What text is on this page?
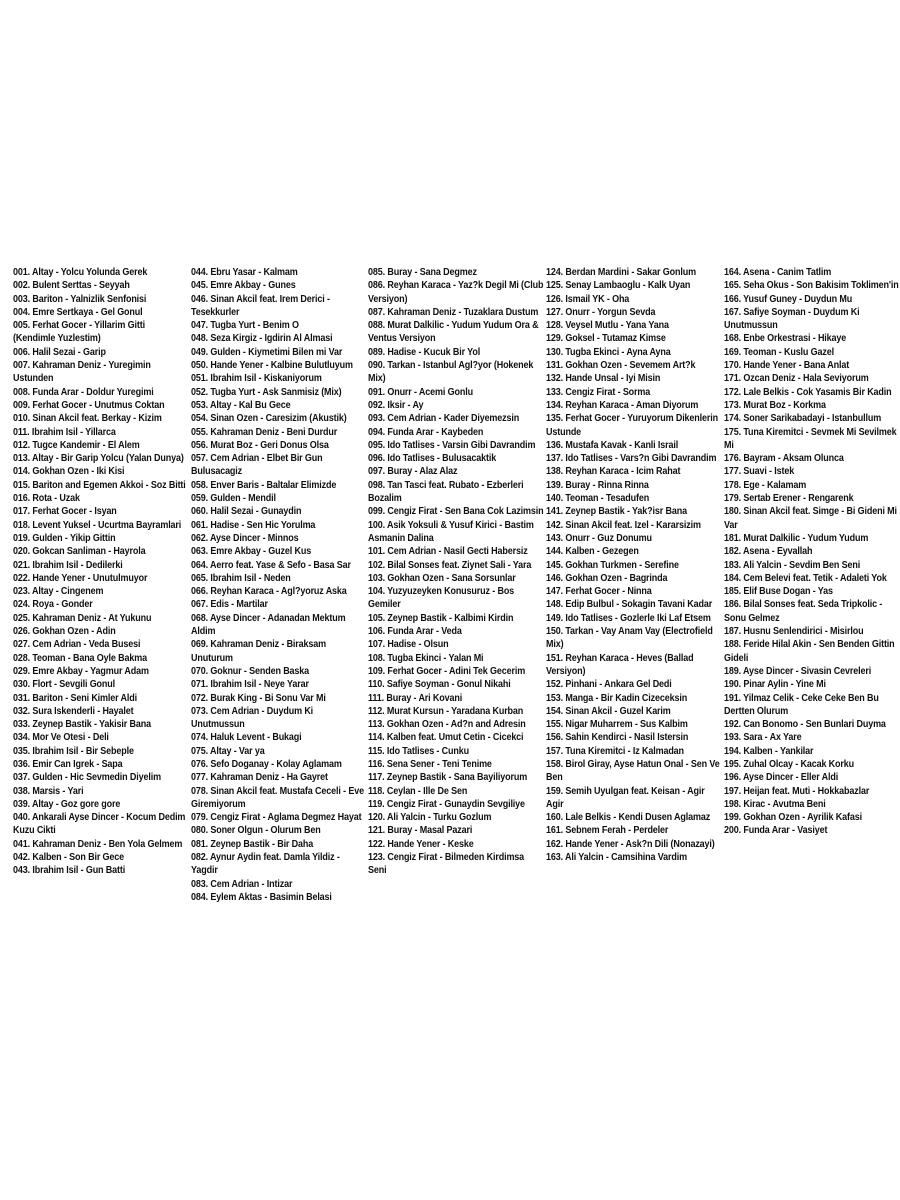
001. Altay - Yolcu Yolunda Gerek
002. Bulent Serttas - Seyyah
003. Bariton - Yalnizlik Senfonisi
004. Emre Sertkaya - Gel Gonul
005. Ferhat Gocer - Yillarim Gitti (Kendimle Yuzlestim)
006. Halil Sezai - Garip
007. Kahraman Deniz - Yuregimin Ustunden
008. Funda Arar - Doldur Yuregimi
009. Ferhat Gocer - Unutmus Coktan
010. Sinan Akcil feat. Berkay - Kizim
011. Ibrahim Isil - Yillarca
012. Tugce Kandemir - El Alem
013. Altay - Bir Garip Yolcu (Yalan Dunya)
014. Gokhan Ozen - Iki Kisi
015. Bariton and Egemen Akkoi - Soz Bitti
016. Rota - Uzak
017. Ferhat Gocer - Isyan
018. Levent Yuksel - Ucurtma Bayramlari
019. Gulden - Yikip Gittin
020. Gokcan Sanliman - Hayrola
021. Ibrahim Isil - Dedilerki
022. Hande Yener - Unutulmuyor
023. Altay - Cingenem
024. Roya - Gonder
025. Kahraman Deniz - At Yukunu
026. Gokhan Ozen - Adin
027. Cem Adrian - Veda Busesi
028. Teoman - Bana Oyle Bakma
029. Emre Akbay - Yagmur Adam
030. Flort - Sevgili Gonul
031. Bariton - Seni Kimler Aldi
032. Sura Iskenderli - Hayalet
033. Zeynep Bastik - Yakisir Bana
034. Mor Ve Otesi - Deli
035. Ibrahim Isil - Bir Sebeple
036. Emir Can Igrek - Sapa
037. Gulden - Hic Sevmedin Diyelim
038. Marsis - Yari
039. Altay - Goz gore gore
040. Ankarali Ayse Dincer - Kocum Dedim Kuzu Cikti
041. Kahraman Deniz - Ben Yola Gelmem
042. Kalben - Son Bir Gece
043. Ibrahim Isil - Gun Batti
044. Ebru Yasar - Kalmam
045. Emre Akbay - Gunes
046. Sinan Akcil feat. Irem Derici - Tesekkurler
047. Tugba Yurt - Benim O
048. Seza Kirgiz - Igdirin Al Almasi
049. Gulden - Kiymetimi Bilen mi Var
050. Hande Yener - Kalbine Bulutluyum
051. Ibrahim Isil - Kiskaniyorum
052. Tugba Yurt - Ask Sanmisiz (Mix)
053. Altay - Kal Bu Gece
054. Sinan Ozen - Caresizim (Akustik)
055. Kahraman Deniz - Beni Durdur
056. Murat Boz - Geri Donus Olsa
057. Cem Adrian - Elbet Bir Gun Bulusacagiz
058. Enver Baris - Baltalar Elimizde
059. Gulden - Mendil
060. Halil Sezai - Gunaydin
061. Hadise - Sen Hic Yorulma
062. Ayse Dincer - Minnos
063. Emre Akbay - Guzel Kus
064. Aerro feat. Yase & Sefo - Basa Sar
065. Ibrahim Isil - Neden
066. Reyhan Karaca - Agl?yoruz Aska
067. Edis - Martilar
068. Ayse Dincer - Adanadan Mektum Aldim
069. Kahraman Deniz - Biraksam Unuturum
070. Goknur - Senden Baska
071. Ibrahim Isil - Neye Yarar
072. Burak King - Bi Sonu Var Mi
073. Cem Adrian - Duydum Ki Unutmussun
074. Haluk Levent - Bukagi
075. Altay - Var ya
076. Sefo Doganay - Kolay Aglamam
077. Kahraman Deniz - Ha Gayret
078. Sinan Akcil feat. Mustafa Ceceli - Eve Giremiyorum
079. Cengiz Firat - Aglama Degmez Hayat
080. Soner Olgun - Olurum Ben
081. Zeynep Bastik - Bir Daha
082. Aynur Aydin feat. Damla Yildiz - Yagdir
083. Cem Adrian - Intizar
084. Eylem Aktas - Basimin Belasi
085. Buray - Sana Degmez
086. Reyhan Karaca - Yaz?k Degil Mi (Club Versiyon)
087. Kahraman Deniz - Tuzaklara Dustum
088. Murat Dalkilic - Yudum Yudum Ora & Ventus Versiyon
089. Hadise - Kucuk Bir Yol
090. Tarkan - Istanbul Agl?yor (Hokenek Mix)
091. Onurr - Acemi Gonlu
092. Iksir - Ay
093. Cem Adrian - Kader Diyemezsin
094. Funda Arar - Kaybeden
095. Ido Tatlises - Varsin Gibi Davrandim
096. Ido Tatlises - Bulusacaktik
097. Buray - Alaz Alaz
098. Tan Tasci feat. Rubato - Ezberleri Bozalim
099. Cengiz Firat - Sen Bana Cok Lazimsin
100. Asik Yoksuli & Yusuf Kirici - Bastim Asmanin Dalina
101. Cem Adrian - Nasil Gecti Habersiz
102. Bilal Sonses feat. Ziynet Sali - Yara
103. Gokhan Ozen - Sana Sorsunlar
104. Yuzyuzeyken Konusuruz - Bos Gemiler
105. Zeynep Bastik - Kalbimi Kirdin
106. Funda Arar - Veda
107. Hadise - Olsun
108. Tugba Ekinci - Yalan Mi
109. Ferhat Gocer - Adini Tek Gecerim
110. Safiye Soyman - Gonul Nikahi
111. Buray - Ari Kovani
112. Murat Kursun - Yaradana Kurban
113. Gokhan Ozen - Ad?n and Adresin
114. Kalben feat. Umut Cetin - Cicekci
115. Ido Tatlises - Cunku
116. Sena Sener - Teni Tenime
117. Zeynep Bastik - Sana Bayiliyorum
118. Ceylan - Ille De Sen
119. Cengiz Firat - Gunaydin Sevgiliye
120. Ali Yalcin - Turku Gozlum
121. Buray - Masal Pazari
122. Hande Yener - Keske
123. Cengiz Firat - Bilmeden Kirdimsa Seni
124. Berdan Mardini - Sakar Gonlum
125. Senay Lambaoglu - Kalk Uyan
126. Ismail YK - Oha
127. Onurr - Yorgun Sevda
128. Veysel Mutlu - Yana Yana
129. Goksel - Tutamaz Kimse
130. Tugba Ekinci - Ayna Ayna
131. Gokhan Ozen - Sevemem Art?k
132. Hande Unsal - Iyi Misin
133. Cengiz Firat - Sorma
134. Reyhan Karaca - Aman Diyorum
135. Ferhat Gocer - Yuruyorum Dikenlerin Ustunde
136. Mustafa Kavak - Kanli Israil
137. Ido Tatlises - Vars?n Gibi Davrandim
138. Reyhan Karaca - Icim Rahat
139. Buray - Rinna Rinna
140. Teoman - Tesadufen
141. Zeynep Bastik - Yak?isr Bana
142. Sinan Akcil feat. Izel - Kararsizim
143. Onurr - Guz Donumu
144. Kalben - Gezegen
145. Gokhan Turkmen - Serefine
146. Gokhan Ozen - Bagrinda
147. Ferhat Gocer - Ninna
148. Edip Bulbul - Sokagin Tavani Kadar
149. Ido Tatlises - Gozlerle Iki Laf Etsem
150. Tarkan - Vay Anam Vay (Electrofield Mix)
151. Reyhan Karaca - Heves (Ballad Versiyon)
152. Pinhani - Ankara Gel Dedi
153. Manga - Bir Kadin Cizeceksin
154. Sinan Akcil - Guzel Karim
155. Nigar Muharrem - Sus Kalbim
156. Sahin Kendirci - Nasil Istersin
157. Tuna Kiremitci - Iz Kalmadan
158. Birol Giray, Ayse Hatun Onal - Sen Ve Ben
159. Semih Uyulgan feat. Keisan - Agir Agir
160. Lale Belkis - Kendi Dusen Aglamaz
161. Sebnem Ferah - Perdeler
162. Hande Yener - Ask?n Dili (Nonazayi)
163. Ali Yalcin - Camsihina Vardim
164. Asena - Canim Tatlim
165. Seha Okus - Son Bakisim Toklimen'in
166. Yusuf Guney - Duydun Mu
167. Safiye Soyman - Duydum Ki Unutmussun
168. Enbe Orkestrasi - Hikaye
169. Teoman - Kuslu Gazel
170. Hande Yener - Bana Anlat
171. Ozcan Deniz - Hala Seviyorum
172. Lale Belkis - Cok Yasamis Bir Kadin
173. Murat Boz - Korkma
174. Soner Sarikabadayi - Istanbullum
175. Tuna Kiremitci - Sevmek Mi Sevilmek Mi
176. Bayram - Aksam Olunca
177. Suavi - Istek
178. Ege - Kalamam
179. Sertab Erener - Rengarenk
180. Sinan Akcil feat. Simge - Bi Gideni Mi Var
181. Murat Dalkilic - Yudum Yudum
182. Asena - Eyvallah
183. Ali Yalcin - Sevdim Ben Seni
184. Cem Belevi feat. Tetik - Adaleti Yok
185. Elif Buse Dogan - Yas
186. Bilal Sonses feat. Seda Tripkolic - Sonu Gelmez
187. Husnu Senlendirici - Misirlou
188. Feride Hilal Akin - Sen Benden Gittin Gideli
189. Ayse Dincer - Sivasin Cevreleri
190. Pinar Aylin - Yine Mi
191. Yilmaz Celik - Ceke Ceke Ben Bu Dertten Olurum
192. Can Bonomo - Sen Bunlari Duyma
193. Sara - Ax Yare
194. Kalben - Yankilar
195. Zuhal Olcay - Kacak Korku
196. Ayse Dincer - Eller Aldi
197. Heijan feat. Muti - Hokkabazlar
198. Kirac - Avutma Beni
199. Gokhan Ozen - Ayrilik Kafasi
200. Funda Arar - Vasiyet
